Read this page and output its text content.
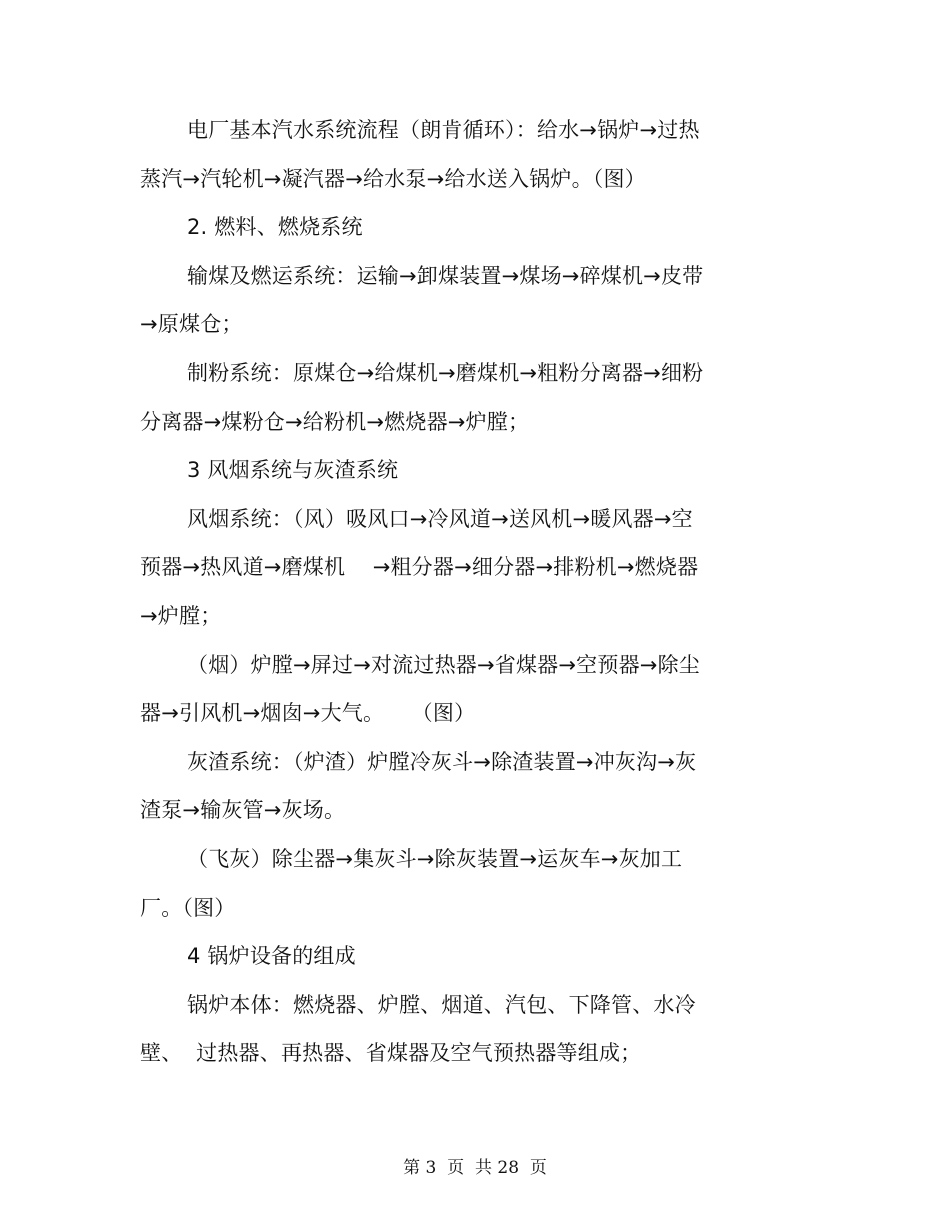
电厂基本汽水系统流程（朗肯循环）：给水→锅炉→过热
蒸汽→汽轮机→凝汽器→给水泵→给水送入锅炉。（图）
2. 燃料、燃烧系统
输煤及燃运系统：运输→卸煤装置→煤场→碎煤机→皮带
→原煤仓；
制粉系统：原煤仓→给煤机→磨煤机→粗粉分离器→细粉
分离器→煤粉仓→给粉机→燃烧器→炉膛；
3 风烟系统与灰渣系统
风烟系统：（风）吸风口→冷风道→送风机→暖风器→空
预器→热风道→磨煤机    →粗分器→细分器→排粉机→燃烧器
→炉膛；
（烟）炉膛→屏过→对流过热器→省煤器→空预器→除尘
器→引风机→烟囱→大气。    （图）
灰渣系统：（炉渣）炉膛冷灰斗→除渣装置→冲灰沟→灰
渣泵→输灰管→灰场。
（飞灰）除尘器→集灰斗→除灰装置→运灰车→灰加工
厂。（图）
4 锅炉设备的组成
锅炉本体：燃烧器、炉膛、烟道、汽包、下降管、水冷
壁、  过热器、再热器、省煤器及空气预热器等组成；
第 3  页  共 28  页
